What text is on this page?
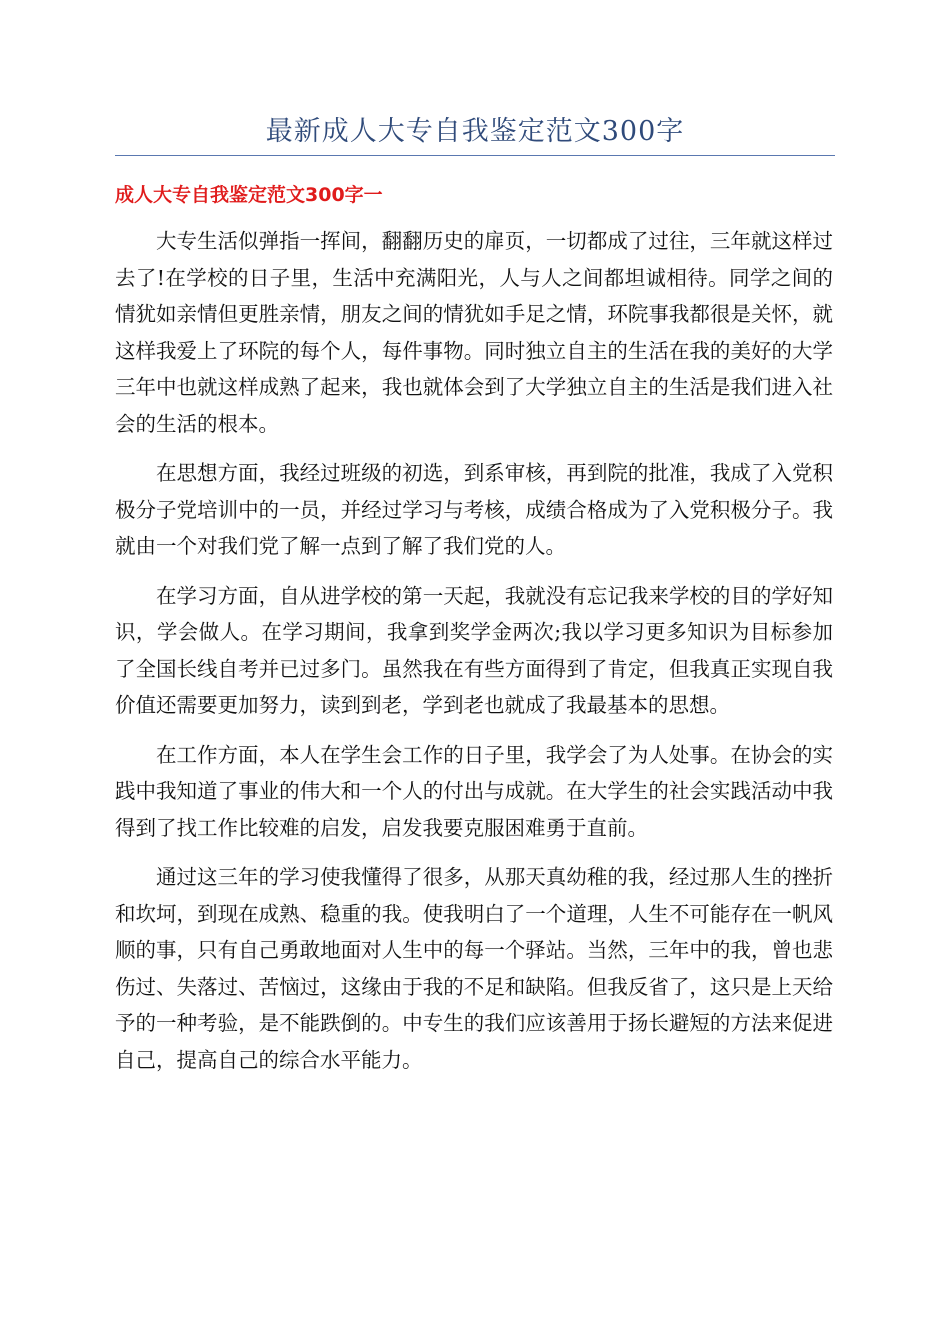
最新成人大专自我鉴定范文300字
成人大专自我鉴定范文300字一

大专生活似弹指一挥间，翻翻历史的扉页，一切都成了过往，三年就这样过去了!在学校的日子里，生活中充满阳光，人与人之间都坦诚相待。同学之间的情犹如亲情但更胜亲情，朋友之间的情犹如手足之情，环院事我都很是关怀，就这样我爱上了环院的每个人，每件事物。同时独立自主的生活在我的美好的大学三年中也就这样成熟了起来，我也就体会到了大学独立自主的生活是我们进入社会的生活的根本。

在思想方面，我经过班级的初选，到系审核，再到院的批准，我成了入党积极分子党培训中的一员，并经过学习与考核，成绩合格成为了入党积极分子。我就由一个对我们党了解一点到了解了我们党的人。

在学习方面，自从进学校的第一天起，我就没有忘记我来学校的目的学好知识，学会做人。在学习期间，我拿到奖学金两次;我以学习更多知识为目标参加了全国长线自考并已过多门。虽然我在有些方面得到了肯定，但我真正实现自我价值还需要更加努力，读到到老，学到老也就成了我最基本的思想。

在工作方面，本人在学生会工作的日子里，我学会了为人处事。在协会的实践中我知道了事业的伟大和一个人的付出与成就。在大学生的社会实践活动中我得到了找工作比较难的启发，启发我要克服困难勇于直前。

通过这三年的学习使我懂得了很多，从那天真幼稚的我，经过那人生的挫折和坎坷，到现在成熟、稳重的我。使我明白了一个道理，人生不可能存在一帆风顺的事，只有自己勇敢地面对人生中的每一个驿站。当然，三年中的我，曾也悲伤过、失落过、苦恼过，这缘由于我的不足和缺陷。但我反省了，这只是上天给予的一种考验，是不能跌倒的。中专生的我们应该善用于扬长避短的方法来促进自己，提高自己的综合水平能力。
